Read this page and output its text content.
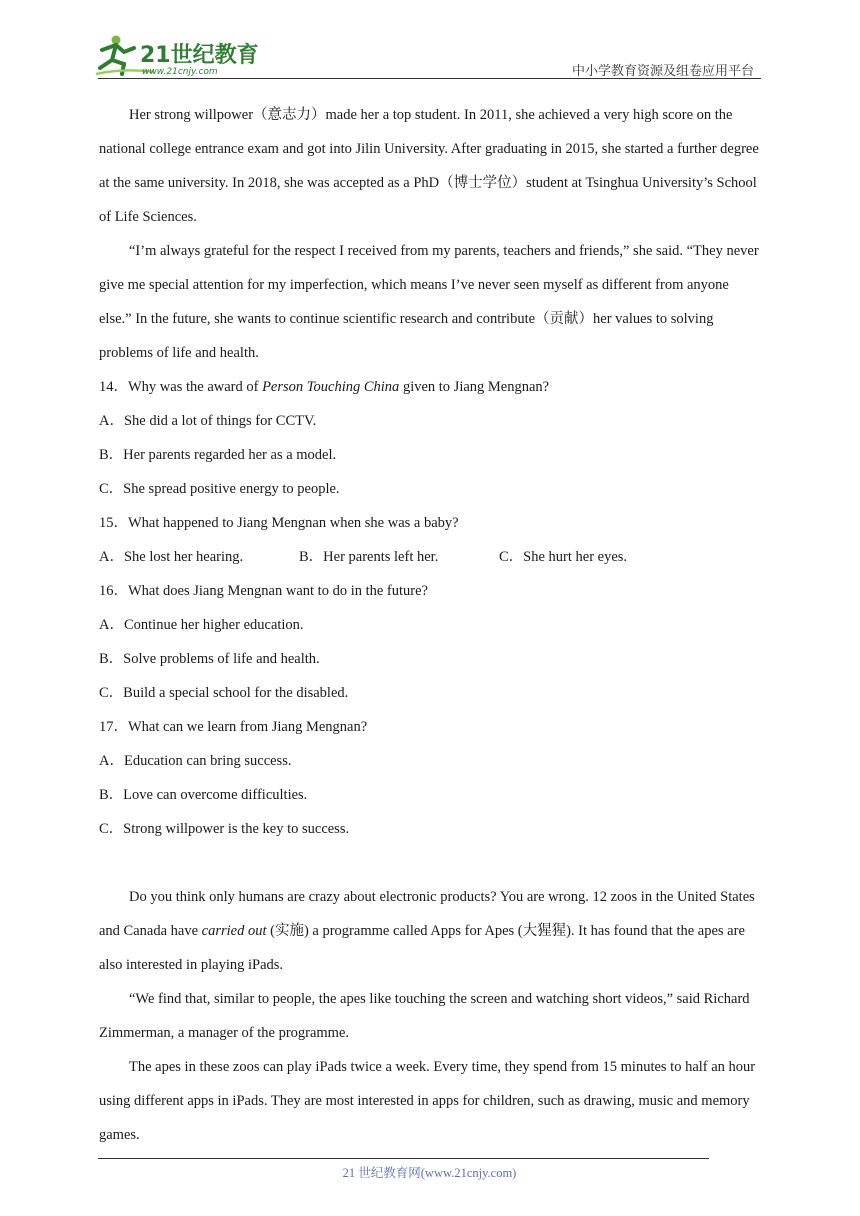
21世纪教育
www.21cnjy.com	中小学教育资源及组卷应用平台

Her strong willpower（意志力）made her a top student. In 2011, she achieved a very high score on the national college entrance exam and got into Jilin University. After graduating in 2015, she started a further degree at the same university. In 2018, she was accepted as a PhD（博士学位）student at Tsinghua University’s School of Life Sciences.

“I’m always grateful for the respect I received from my parents, teachers and friends,” she said. “They never give me special attention for my imperfection, which means I’ve never seen myself as different from anyone else.” In the future, she wants to continue scientific research and contribute（贡献）her values to solving problems of life and health.

14．Why was the award of Person Touching China given to Jiang Mengnan?

A．She did a lot of things for CCTV.

B．Her parents regarded her as a model.

C．She spread positive energy to people.

15．What happened to Jiang Mengnan when she was a baby?

A．She lost her hearing.	B．Her parents left her.	C．She hurt her eyes.

16．What does Jiang Mengnan want to do in the future?

A．Continue her higher education.

B．Solve problems of life and health.

C．Build a special school for the disabled.

17．What can we learn from Jiang Mengnan?

A．Education can bring success.

B．Love can overcome difficulties.

C．Strong willpower is the key to success.

Do you think only humans are crazy about electronic products? You are wrong. 12 zoos in the United States and Canada have carried out (实施) a programme called Apps for Apes (大猩猩). It has found that the apes are also interested in playing iPads.

“We find that, similar to people, the apes like touching the screen and watching short videos,” said Richard Zimmerman, a manager of the programme.

The apes in these zoos can play iPads twice a week. Every time, they spend from 15 minutes to half an hour using different apps in iPads. They are most interested in apps for children, such as drawing, music and memory games.

21 世纪教育网(www.21cnjy.com)
